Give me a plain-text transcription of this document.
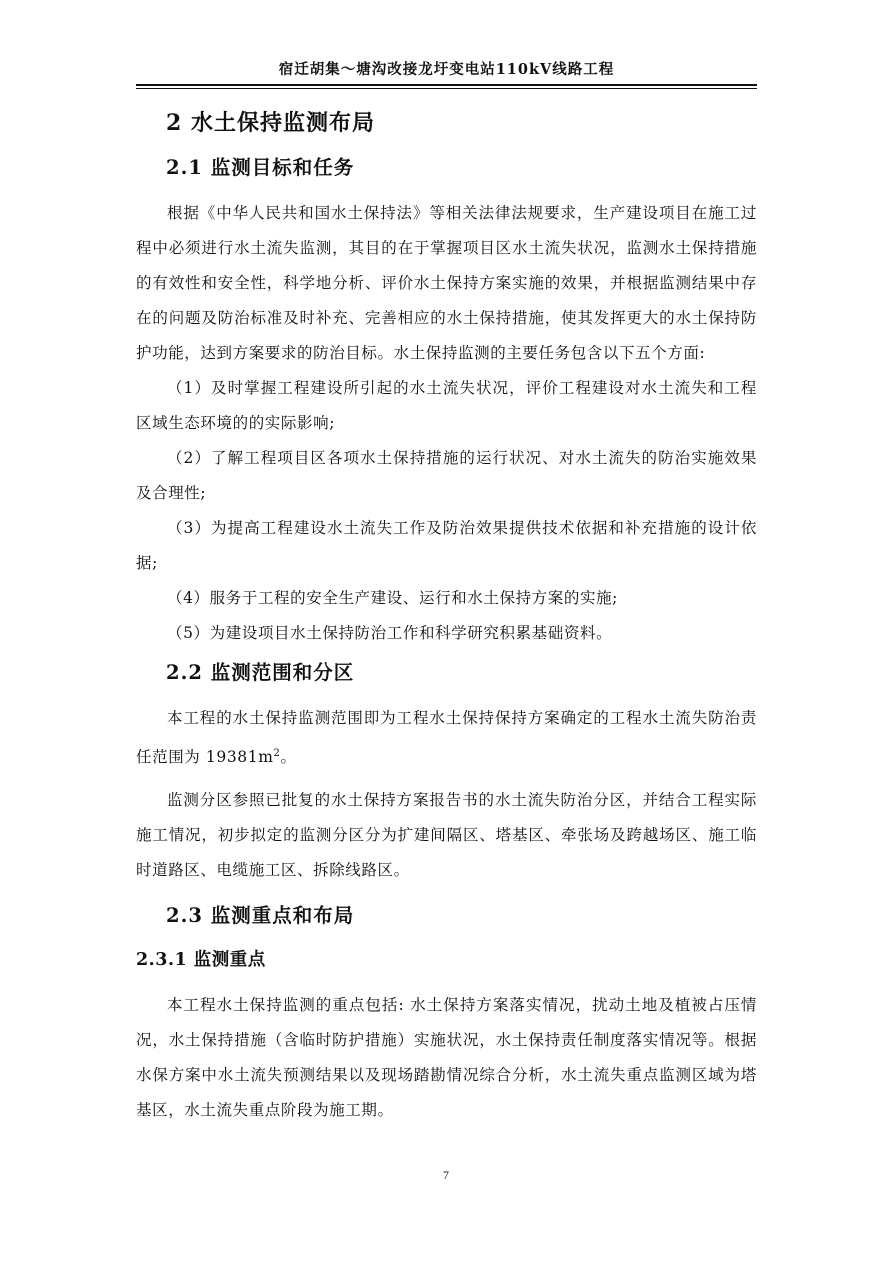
宿迁胡集～塘沟改接龙圩变电站110kV线路工程
2 水土保持监测布局
2.1 监测目标和任务

根据《中华人民共和国水土保持法》等相关法律法规要求，生产建设项目在施工过程中必须进行水土流失监测，其目的在于掌握项目区水土流失状况，监测水土保持措施的有效性和安全性，科学地分析、评价水土保持方案实施的效果，并根据监测结果中存在的问题及防治标准及时补充、完善相应的水土保持措施，使其发挥更大的水土保持防护功能，达到方案要求的防治目标。水土保持监测的主要任务包含以下五个方面:

（1）及时掌握工程建设所引起的水土流失状况，评价工程建设对水土流失和工程区域生态环境的的实际影响;

（2）了解工程项目区各项水土保持措施的运行状况、对水土流失的防治实施效果及合理性;

（3）为提高工程建设水土流失工作及防治效果提供技术依据和补充措施的设计依据;

（4）服务于工程的安全生产建设、运行和水土保持方案的实施;

（5）为建设项目水土保持防治工作和科学研究积累基础资料。

2.2 监测范围和分区

本工程的水土保持监测范围即为工程水土保持保持方案确定的工程水土流失防治责任范围为 $19381m^2$。

监测分区参照已批复的水土保持方案报告书的水土流失防治分区，并结合工程实际施工情况，初步拟定的监测分区分为扩建间隔区、塔基区、牵张场及跨越场区、施工临时道路区、电缆施工区、拆除线路区。

2.3 监测重点和布局
2.3.1 监测重点

本工程水土保持监测的重点包括: 水土保持方案落实情况，扰动土地及植被占压情况，水土保持措施（含临时防护措施）实施状况，水土保持责任制度落实情况等。根据水保方案中水土流失预测结果以及现场踏勘情况综合分析，水土流失重点监测区域为塔基区，水土流失重点阶段为施工期。

7
